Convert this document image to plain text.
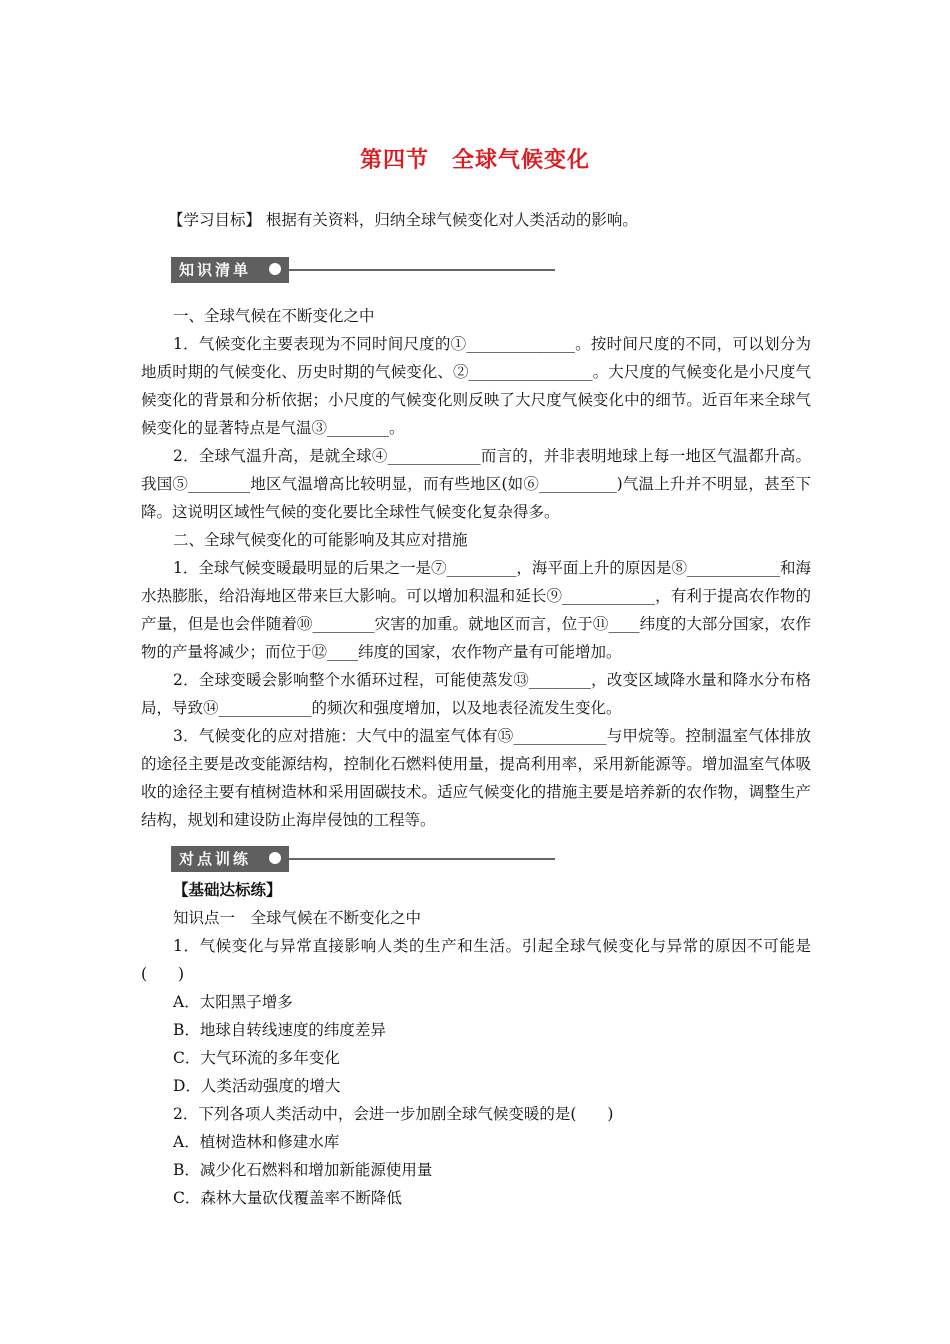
第四节　全球气候变化
【学习目标】 根据有关资料，归纳全球气候变化对人类活动的影响。
知识清单

一、全球气候在不断变化之中

1．气候变化主要表现为不同时间尺度的①______________。按时间尺度的不同，可以划分为地质时期的气候变化、历史时期的气候变化、②________________。大尺度的气候变化是小尺度气候变化的背景和分析依据；小尺度的气候变化则反映了大尺度气候变化中的细节。近百年来全球气候变化的显著特点是气温③________。

2．全球气温升高，是就全球④____________而言的，并非表明地球上每一地区气温都升高。我国⑤________地区气温增高比较明显，而有些地区(如⑥__________)气温上升并不明显，甚至下降。这说明区域性气候的变化要比全球性气候变化复杂得多。

二、全球气候变化的可能影响及其应对措施

1．全球气候变暖最明显的后果之一是⑦_________，海平面上升的原因是⑧____________和海水热膨胀，给沿海地区带来巨大影响。可以增加积温和延长⑨____________，有利于提高农作物的产量，但是也会伴随着⑩________灾害的加重。就地区而言，位于⑪____纬度的大部分国家，农作物的产量将减少；而位于⑫____纬度的国家，农作物产量有可能增加。

2．全球变暖会影响整个水循环过程，可能使蒸发⑬________，改变区域降水量和降水分布格局，导致⑭____________的频次和强度增加，以及地表径流发生变化。

3．气候变化的应对措施：大气中的温室气体有⑮____________与甲烷等。控制温室气体排放的途径主要是改变能源结构，控制化石燃料使用量，提高利用率，采用新能源等。增加温室气体吸收的途径主要有植树造林和采用固碳技术。适应气候变化的措施主要是培养新的农作物，调整生产结构，规划和建设防止海岸侵蚀的工程等。

对点训练

【基础达标练】

知识点一　全球气候在不断变化之中

1．气候变化与异常直接影响人类的生产和生活。引起全球气候变化与异常的原因不可能是(　　)

A．太阳黑子增多

B．地球自转线速度的纬度差异

C．大气环流的多年变化

D．人类活动强度的增大

2．下列各项人类活动中，会进一步加剧全球气候变暖的是(　　)

A．植树造林和修建水库

B．减少化石燃料和增加新能源使用量

C．森林大量砍伐覆盖率不断降低
